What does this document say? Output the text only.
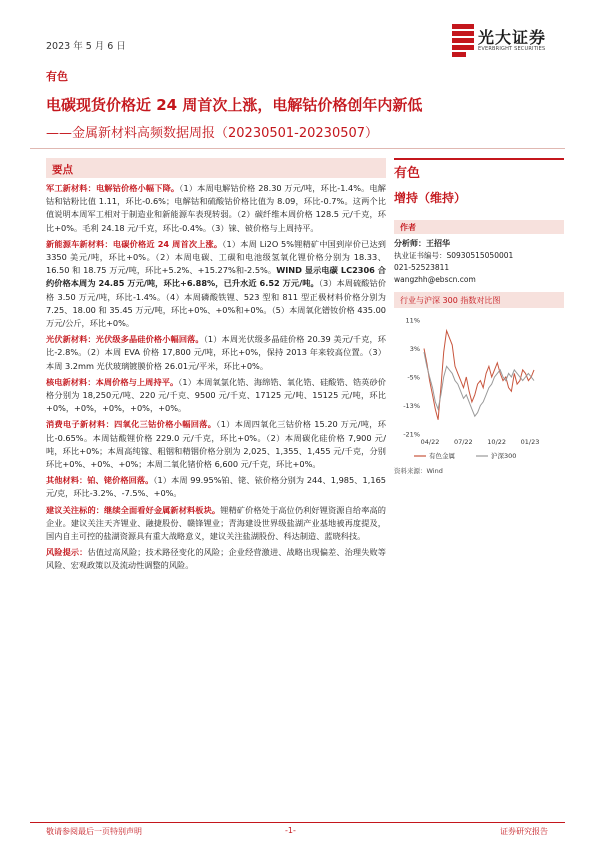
2023 年 5 月 6 日	光大证券
EVERBRIGHT SECURITIES
有色
电碳现货价格近 24 周首次上涨，电解钴价格创年内新低
——金属新材料高频数据周报（20230501-20230507）
要点
军工新材料：电解钴价格小幅下降。（1）本周电解钴价格 28.30 万元/吨，环比-1.4%。电解钴和钴粉比值 1.11，环比-0.6%；电解钴和硫酸钴价格比值为 8.09，环比-0.7%。这两个比值说明本周军工相对于制造业和新能源车表现转弱。（2）碳纤维本周价格 128.5 元/千克，环比+0%。毛利 24.18 元/千克，环比-0.4%。（3）铼、铍价格与上周持平。
新能源车新材料：电碳价格近 24 周首次上涨。（1）本周 Li2O 5%锂精矿中国到岸价已达到 3350 美元/吨，环比+0%。（2）本周电碳、工碳和电池级氢氧化锂价格分别为 18.33、16.50 和 18.75 万元/吨，环比+5.2%、+15.27%和-2.5%。WIND 显示电碳 LC2306 合约价格本周为 24.85 万元/吨，环比+6.88%，已升水近 6.52 万元/吨。（3）本周硫酸钴价格 3.50 万元/吨，环比-1.4%。（4）本周磷酸铁锂、523 型和 811 型正极材料价格分别为 7.25、18.00 和 35.45 万元/吨，环比+0%、+0%和+0%。（5）本周氧化镨钕价格 435.00 万元/公斤，环比+0%。
光伏新材料：光伏级多晶硅价格小幅回落。（1）本周光伏级多晶硅价格 20.39 美元/千克，环比-2.8%。（2）本周 EVA 价格 17,800 元/吨，环比+0%，保持 2013 年来较高位置。（3）本周 3.2mm 光伏玻璃镀膜价格 26.01元/平米，环比+0%。
核电新材料：本周价格与上周持平。（1）本周氧氯化锆、海绵锆、氧化锆、硅酸锆、锆英砂价格分别为 18,250元/吨、220 元/千克、9500 元/千克、17125 元/吨、15125 元/吨，环比+0%，+0%，+0%，+0%，+0%。
消费电子新材料：四氧化三钴价格小幅回落。（1）本周四氧化三钴价格 15.20 万元/吨，环比-0.65%。本周钴酸锂价格 229.0 元/千克，环比+0%。（2）本周碳化硅价格 7,900 元/吨，环比+0%；本周高纯镓、粗铟和精铟价格分别为 2,025、1,355、1,455 元/千克，分别环比+0%、+0%、+0%；本周二氧化锗价格 6,600 元/千克，环比+0%。
其他材料：铂、铑价格回落。（1）本周 99.95%铂、铑、铱价格分别为 244、1,985、1,165 元/克，环比-3.2%、-7.5%、+0%。
建议关注标的：继续全面看好金属新材料板块。锂精矿价格处于高位仍利好锂资源自给率高的企业。建议关注天齐锂业、融捷股份、赣锋锂业；青海建设世界级盐湖产业基地被再度提及，国内自主可控的盐湖资源具有重大战略意义，建议关注盐湖股份、科达制造、蓝晓科技。
风险提示：估值过高风险；技术路径变化的风险；企业经营激进、战略出现偏差、治理失败等风险、宏观政策以及流动性调整的风险。
有色
增持（维持）
作者
分析师：王招华
执业证书编号：S0930515050001
021-52523811
wangzhh@ebscn.com
行业与沪深 300 指数对比图
11%
3%
-5%
-13%
-21%
04/22 07/22 10/22 01/23
有色金属	沪深300
资料来源：Wind
敬请参阅最后一页特别声明	-1-	证券研究报告
